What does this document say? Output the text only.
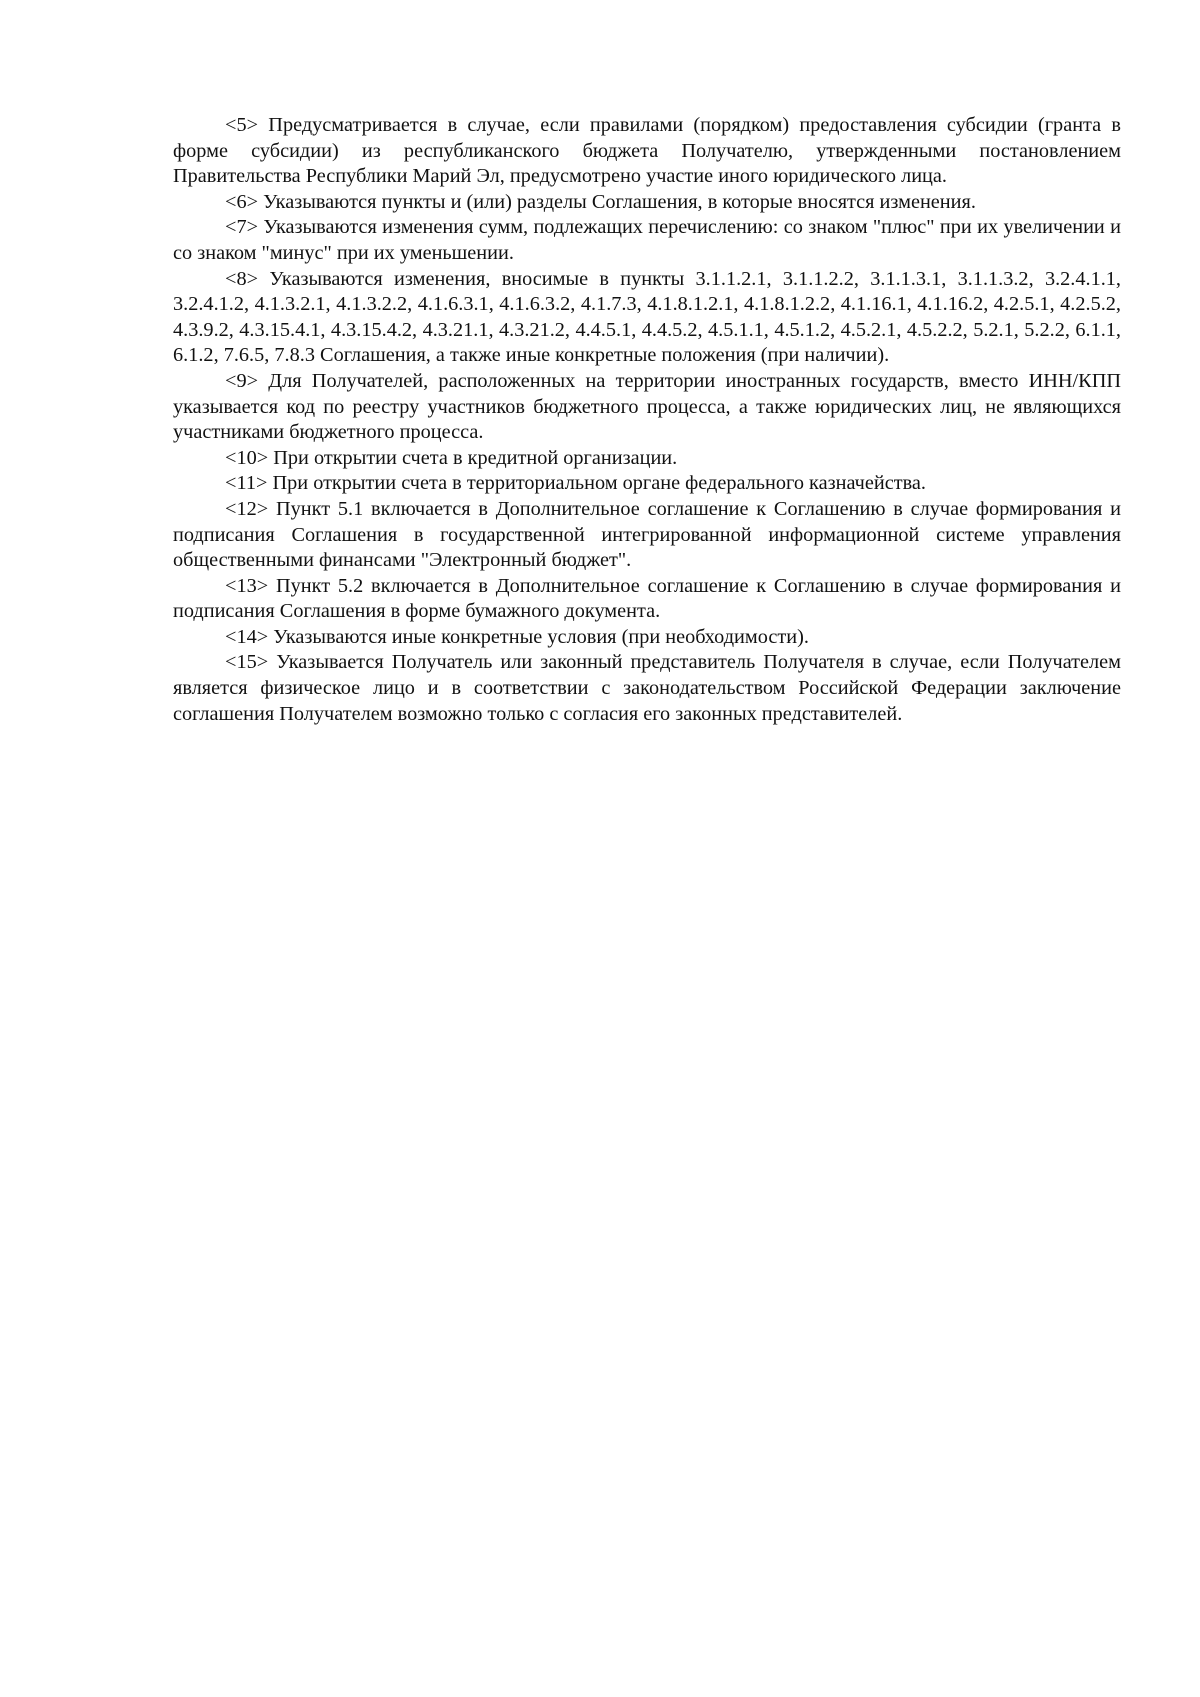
<5> Предусматривается в случае, если правилами (порядком) предоставления субсидии (гранта в форме субсидии) из республиканского бюджета Получателю, утвержденными постановлением Правительства Республики Марий Эл, предусмотрено участие иного юридического лица.

<6> Указываются пункты и (или) разделы Соглашения, в которые вносятся изменения.

<7> Указываются изменения сумм, подлежащих перечислению: со знаком "плюс" при их увеличении и со знаком "минус" при их уменьшении.

<8> Указываются изменения, вносимые в пункты 3.1.1.2.1, 3.1.1.2.2, 3.1.1.3.1, 3.1.1.3.2, 3.2.4.1.1, 3.2.4.1.2, 4.1.3.2.1, 4.1.3.2.2, 4.1.6.3.1, 4.1.6.3.2, 4.1.7.3, 4.1.8.1.2.1, 4.1.8.1.2.2, 4.1.16.1, 4.1.16.2, 4.2.5.1, 4.2.5.2, 4.3.9.2, 4.3.15.4.1, 4.3.15.4.2, 4.3.21.1, 4.3.21.2, 4.4.5.1, 4.4.5.2, 4.5.1.1, 4.5.1.2, 4.5.2.1, 4.5.2.2, 5.2.1, 5.2.2, 6.1.1, 6.1.2, 7.6.5, 7.8.3 Соглашения, а также иные конкретные положения (при наличии).

<9> Для Получателей, расположенных на территории иностранных государств, вместо ИНН/КПП указывается код по реестру участников бюджетного процесса, а также юридических лиц, не являющихся участниками бюджетного процесса.

<10> При открытии счета в кредитной организации.

<11> При открытии счета в территориальном органе федерального казначейства.

<12> Пункт 5.1 включается в Дополнительное соглашение к Соглашению в случае формирования и подписания Соглашения в государственной интегрированной информационной системе управления общественными финансами "Электронный бюджет".

<13> Пункт 5.2 включается в Дополнительное соглашение к Соглашению в случае формирования и подписания Соглашения в форме бумажного документа.

<14> Указываются иные конкретные условия (при необходимости).

<15> Указывается Получатель или законный представитель Получателя в случае, если Получателем является физическое лицо и в соответствии с законодательством Российской Федерации заключение соглашения Получателем возможно только с согласия его законных представителей.
